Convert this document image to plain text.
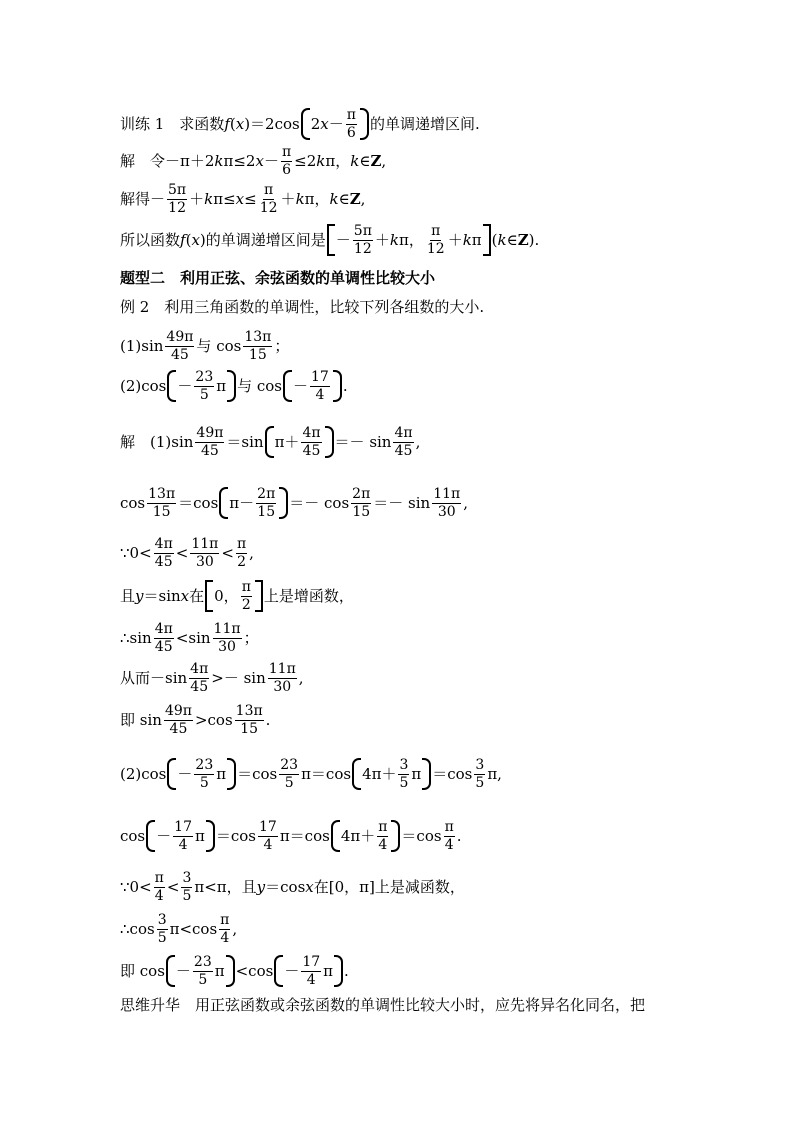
训练 1　求函数 f ( x )＝2cos 2 $x - \frac{\pi}{6}$ 的单调递增区间.
解　令－π＋2 k π≤2 $x - \frac{\pi}{6} \le 2$ k π， k ∈ Z ,
解得－ $\frac{5\pi}{12} + k$ $\pi\le x \le \frac{\pi}{12} + k$ π， k ∈ Z ,
所以函数 f ( x )的单调递增区间是 － $\frac{5\pi}{12} + k$ π， $\frac{\pi}{12} + k$ π ( k ∈ Z ).
题型二　利用正弦、余弦函数的单调性比较大小
例 2　利用三角函数的单调性，比较下列各组数的大小.
$(1)\sin \frac{49\pi}{45}$ 与 $\cos \frac{13\pi}{15}$ ；
$(2)\cos - \frac{23}{5}$ π 与 $\cos - \frac{17}{4}$ .
解　$(1)\sin \frac{49\pi}{45} =\sin$ $\pi+ \frac{4\pi}{45} =- \sin \frac{4\pi}{45}$ ,
$\cos \frac{13\pi}{15} =\cos$ $\pi- \frac{2\pi}{15} =- \cos \frac{2\pi}{15} =- \sin \frac{11\pi}{30}$ ,
∵0< $\frac{4\pi}{45} < \frac{11\pi}{30} < \frac{\pi}{2}$ ,
且 y ＝sin x 在 0， $\frac{\pi}{2}$ 上是增函数，
∴sin $\frac{4\pi}{45} <\sin \frac{11\pi}{30}$ ；
从而$-\sin \frac{4\pi}{45} >- \sin \frac{11\pi}{30}$ ,
即 $\sin \frac{49\pi}{45} >\cos \frac{13\pi}{15}$ .
$(2)\cos - \frac{23}{5}$ $\pi =\cos \frac{23}{5} \pi=\cos$ $4\pi+ \frac{3}{5}$ $\pi =\cos \frac{3}{5} \pi$,
$\cos - \frac{17}{4}$ $\pi =\cos \frac{17}{4} \pi=\cos$ $4\pi+ \frac{\pi}{4} =\cos \frac{\pi}{4}$ .
∵0< $\frac{\pi}{4} < \frac{3}{5} \pi<\pi$，且 y ＝cos x 在[0，π]上是减函数，
∴cos $\frac{3}{5} \pi<\cos \frac{\pi}{4}$ ,
即 $\cos - \frac{23}{5}$ $\pi <\cos - \frac{17}{4}$ π .
思维升华　用正弦函数或余弦函数的单调性比较大小时，应先将异名化同名，把
